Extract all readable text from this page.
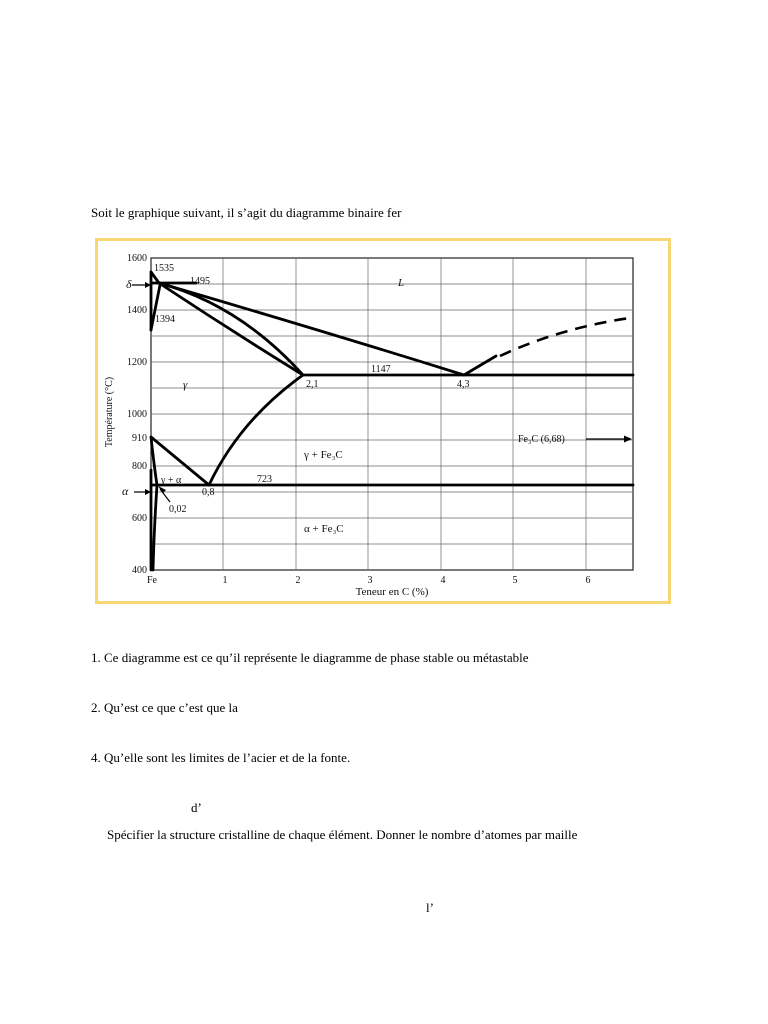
Soit le graphique suivant, il s’agit du diagramme binaire fer
1600
1400
1200
1000
910
800
600
400
δ
α
Fe	1	2	3	4	5	6
Teneur en C (%)
Température (°C)
1535
1495
1394
L
1147
2,1	4,3
γ
γ + Fe₃C
Fe₃C (6,68)
γ + α
0,8
723
0,02
α + Fe₃C
1. Ce diagramme est ce qu’il représente le diagramme de phase stable ou métastable
2. Qu’est ce que c’est que la
4. Qu’elle sont les limites de l’acier et de la fonte.
d’
Spécifier la structure cristalline de chaque élément. Donner le nombre d’atomes par maille
l’
